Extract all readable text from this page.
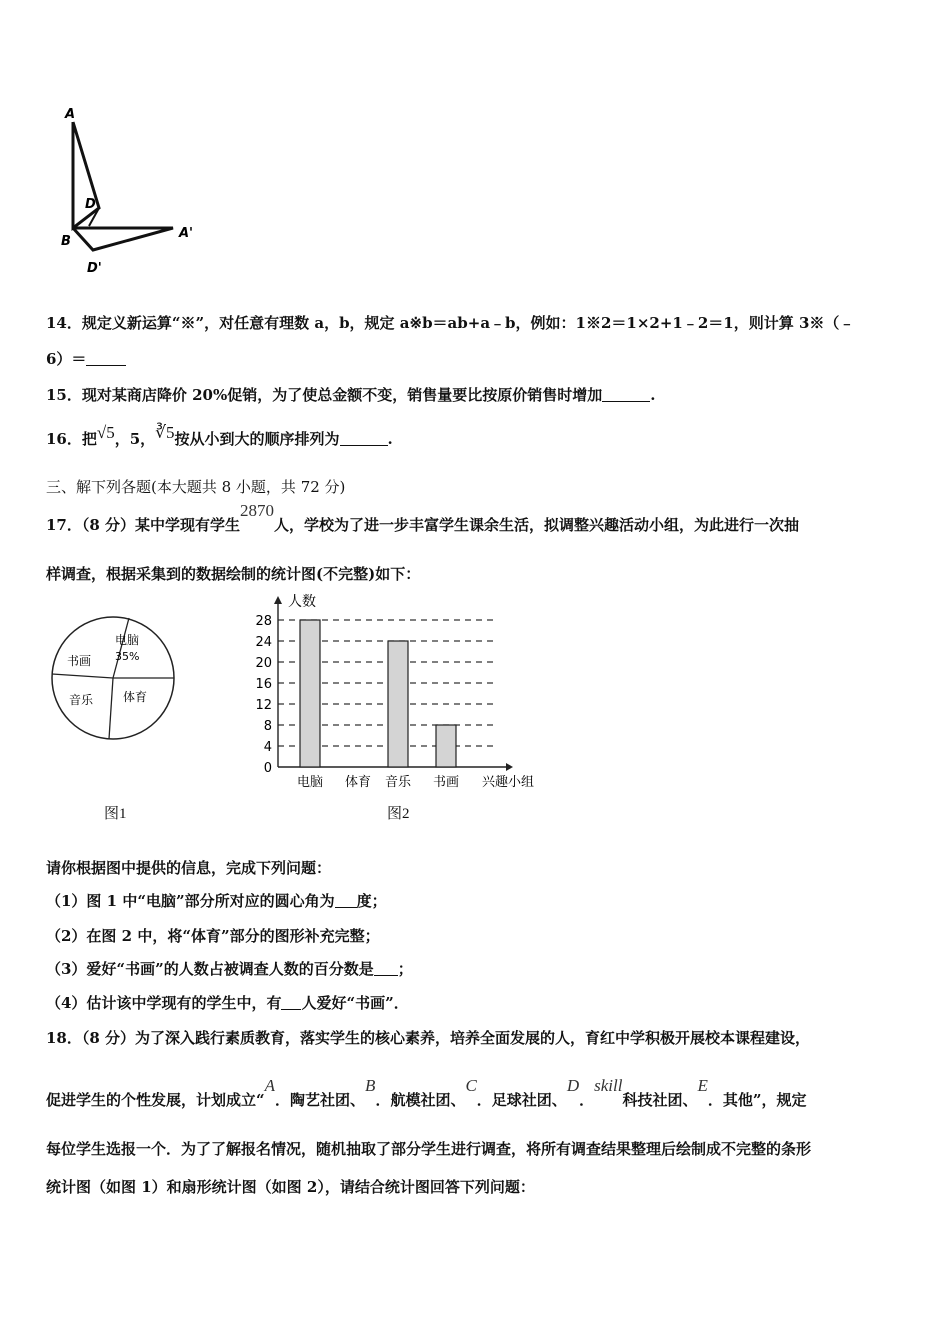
A
D
B
A'
D'
14．规定义新运算“※”，对任意有理数 a，b，规定 a※b＝ab+a﹣b，例如：1※2＝1×2+1﹣2＝1，则计算 3※（﹣
6）＝
15．现对某商店降价 20%促销，为了使总金额不变，销售量要比按原价销售时增加	.
16．把√5，5，∛5按从小到大的顺序排列为	.
三、解下列各题(本大题共 8 小题，共 72 分)
17．（8 分）某中学现有学生2870人，学校为了进一步丰富学生课余生活，拟调整兴趣活动小组，为此进行一次抽
样调查，根据采集到的数据绘制的统计图(不完整)如下：
电脑
35%
书画
音乐 体育
图1
0
4
8
12
16
20
24
28
人数
兴趣小组
电脑 体育 音乐 书画
图2
请你根据图中提供的信息，完成下列问题：
（1）图 1 中“电脑”部分所对应的圆心角为 度；
（2）在图 2 中，将“体育”部分的图形补充完整；
（3）爱好“书画”的人数占被调查人数的百分数是 ；
（4）估计该中学现有的学生中，有 人爱好“书画”．
18．（8 分）为了深入践行素质教育，落实学生的核心素养，培养全面发展的人，育红中学积极开展校本课程建设，
促进学生的个性发展，计划成立“A．陶艺社团、B．航模社团、C．足球社团、D．skill科技社团、E．其他”，规定
每位学生选报一个．为了了解报名情况，随机抽取了部分学生进行调查，将所有调查结果整理后绘制成不完整的条形
统计图（如图 1）和扇形统计图（如图 2），请结合统计图回答下列问题：
